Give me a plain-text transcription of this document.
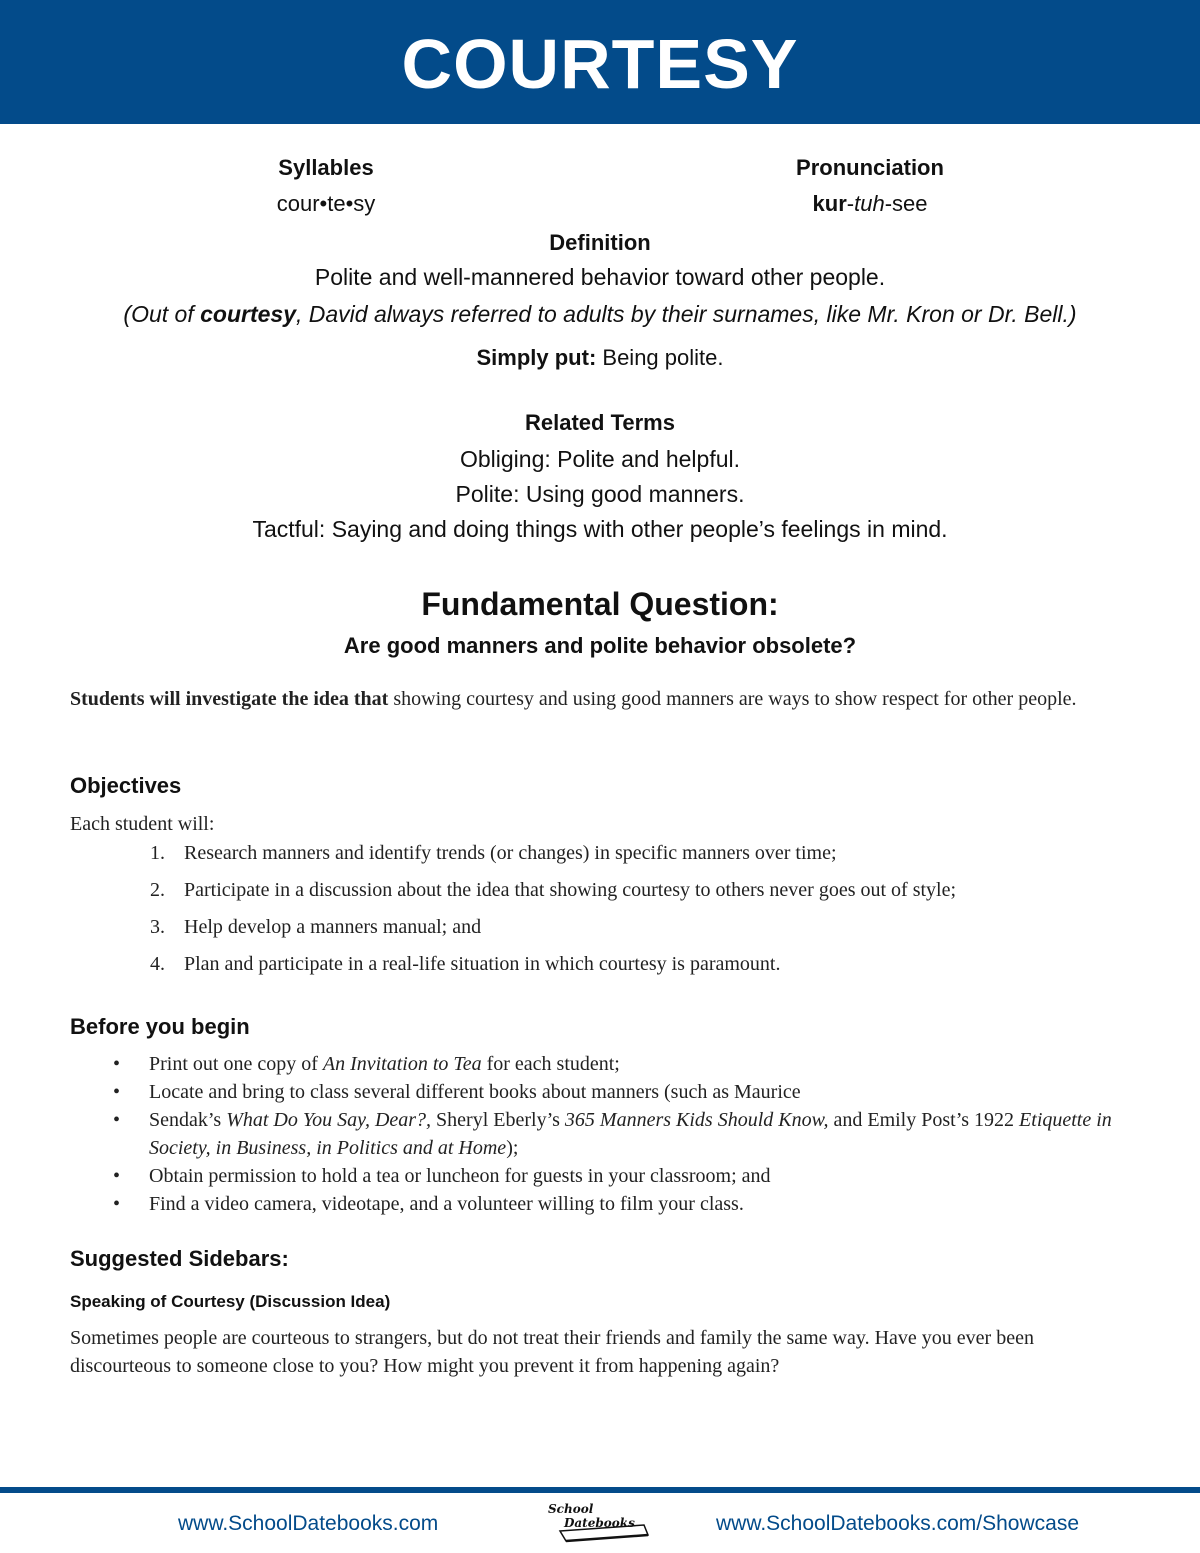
COURTESY
Syllables
cour•te•sy
Pronunciation
kur-tuh-see
Definition
Polite and well-mannered behavior toward other people.
(Out of courtesy, David always referred to adults by their surnames, like Mr. Kron or Dr. Bell.)
Simply put: Being polite.
Related Terms
Obliging: Polite and helpful.
Polite: Using good manners.
Tactful: Saying and doing things with other people’s feelings in mind.
Fundamental Question:
Are good manners and polite behavior obsolete?
Students will investigate the idea that showing courtesy and using good manners are ways to show respect for other people.
Objectives
Each student will:
1. Research manners and identify trends (or changes) in specific manners over time;
2. Participate in a discussion about the idea that showing courtesy to others never goes out of style;
3. Help develop a manners manual; and
4. Plan and participate in a real-life situation in which courtesy is paramount.
Before you begin
• Print out one copy of An Invitation to Tea for each student;
• Locate and bring to class several different books about manners (such as Maurice
• Sendak’s What Do You Say, Dear?, Sheryl Eberly’s 365 Manners Kids Should Know, and Emily Post’s 1922 Etiquette in Society, in Business, in Politics and at Home);
• Obtain permission to hold a tea or luncheon for guests in your classroom; and
• Find a video camera, videotape, and a volunteer willing to film your class.
Suggested Sidebars:
Speaking of Courtesy (Discussion Idea)
Sometimes people are courteous to strangers, but do not treat their friends and family the same way. Have you ever been discourteous to someone close to you? How might you prevent it from happening again?
www.SchoolDatebooks.com	www.SchoolDatebooks.com/Showcase
School
Datebooks
